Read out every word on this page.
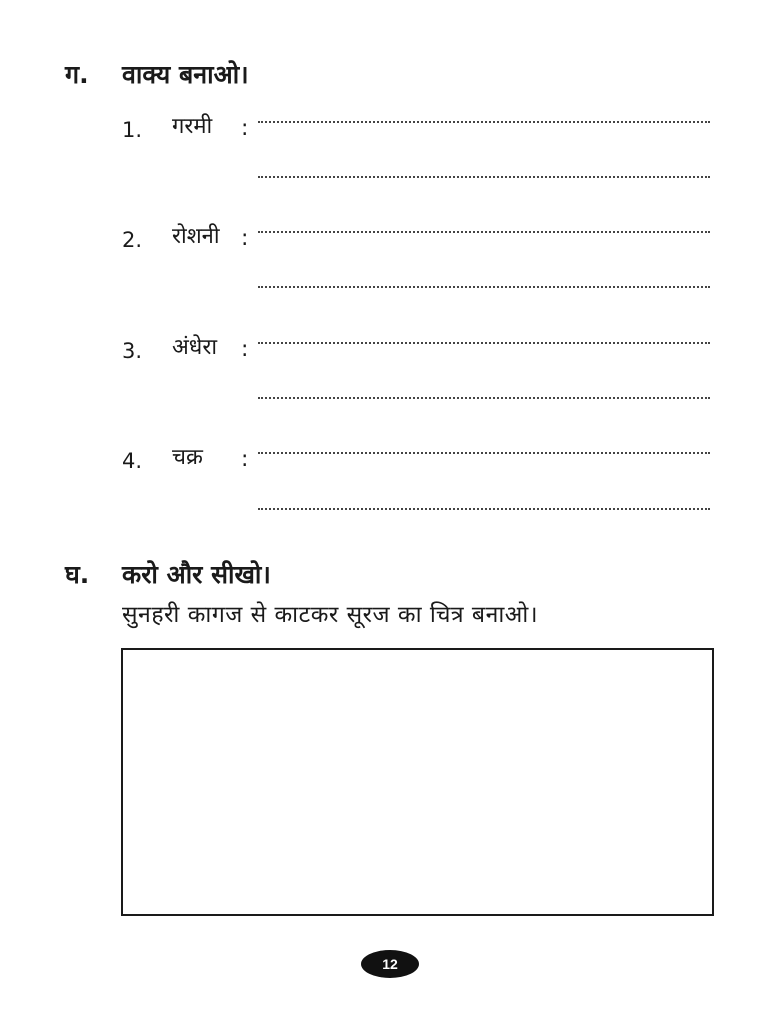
ग. वाक्य बनाओ।
1. गरमी :
2. रोशनी :
3. अंधेरा :
4. चक्र :
घ. करो और सीखो।
सुनहरी कागज से काटकर सूरज का चित्र बनाओ।
12
